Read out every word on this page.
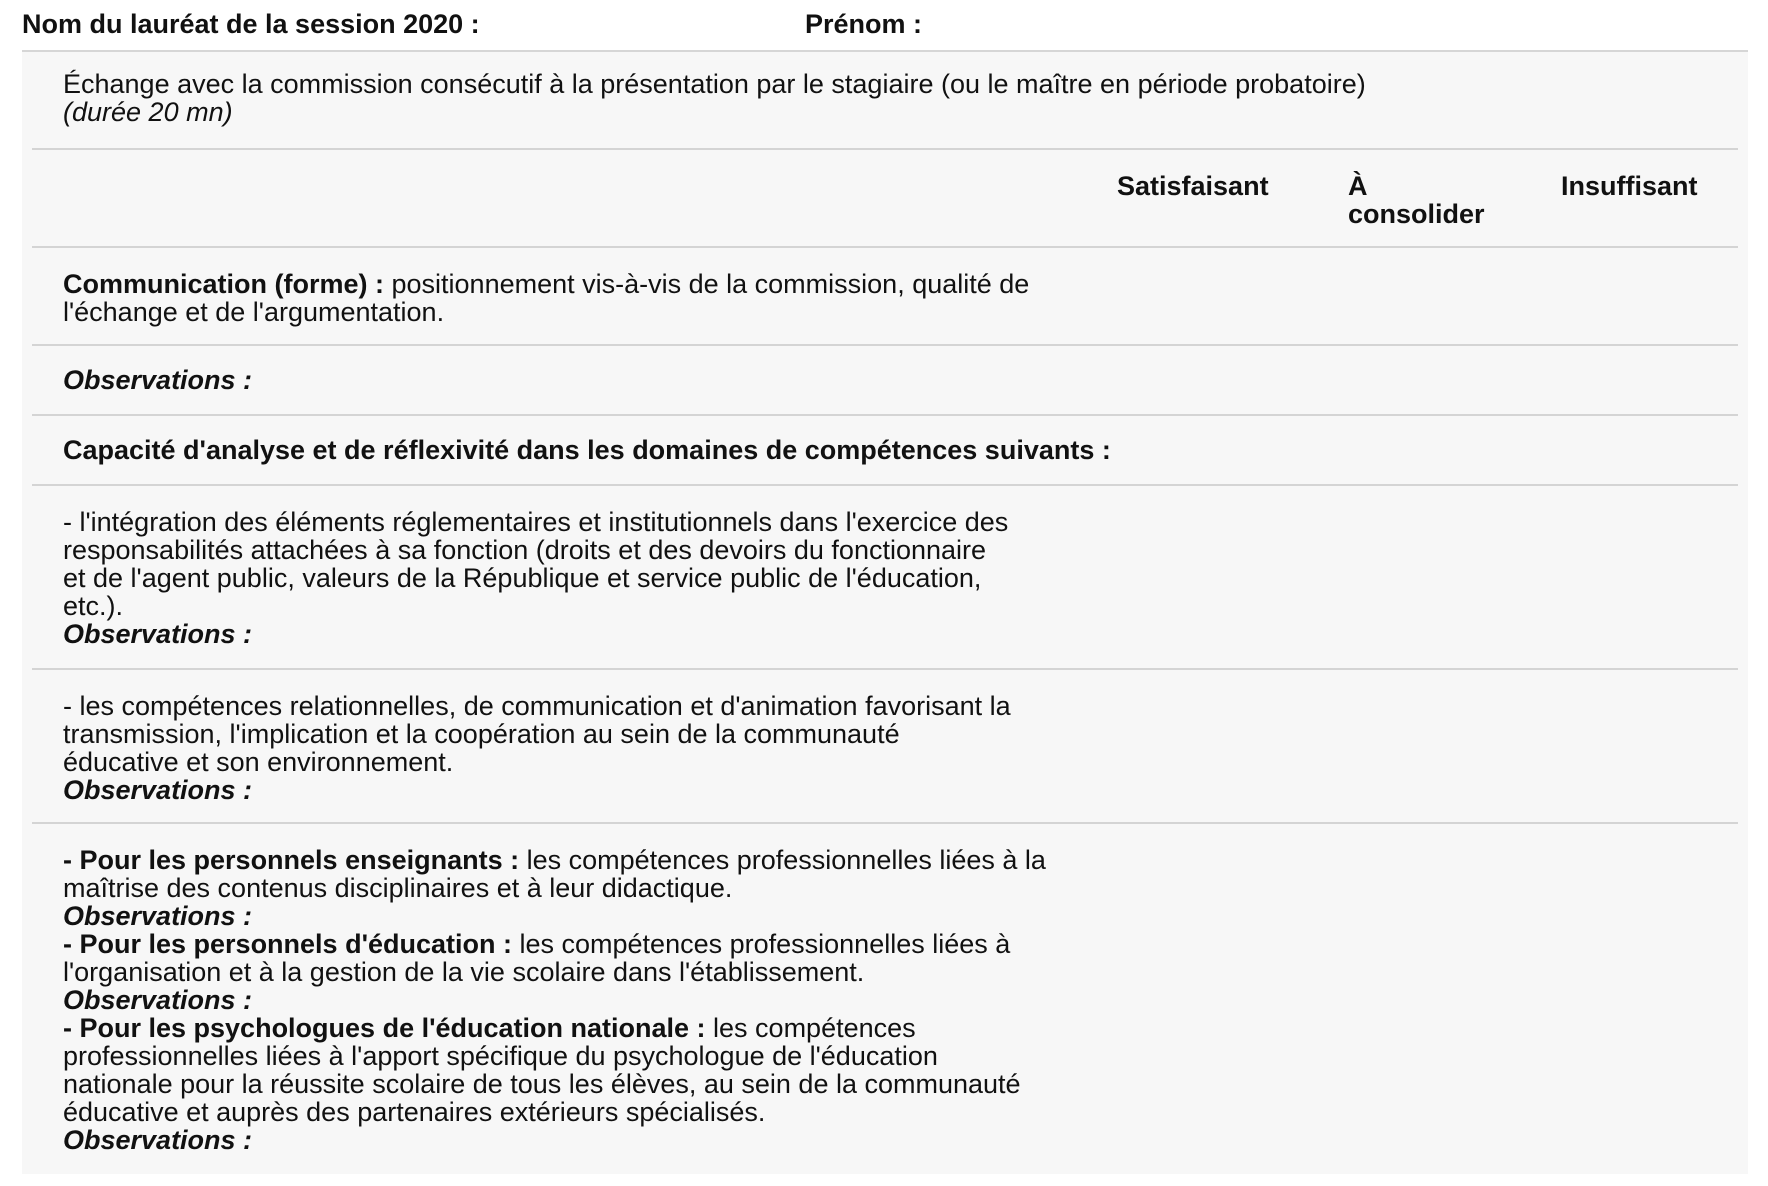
Nom du lauréat de la session 2020 :	Prénom :
Échange avec la commission consécutif à la présentation par le stagiaire (ou le maître en période probatoire)
(durée 20 mn)
Satisfaisant	À
consolider
Insuffisant
Communication (forme) : positionnement vis-à-vis de la commission, qualité de
l'échange et de l'argumentation.
Observations :
Capacité d'analyse et de réflexivité dans les domaines de compétences suivants :
- l'intégration des éléments réglementaires et institutionnels dans l'exercice des
responsabilités attachées à sa fonction (droits et des devoirs du fonctionnaire
et de l'agent public, valeurs de la République et service public de l'éducation,
etc.).
Observations :
- les compétences relationnelles, de communication et d'animation favorisant la
transmission, l'implication et la coopération au sein de la communauté
éducative et son environnement.
Observations :
- Pour les personnels enseignants : les compétences professionnelles liées à la
maîtrise des contenus disciplinaires et à leur didactique.
Observations :
- Pour les personnels d'éducation : les compétences professionnelles liées à
l'organisation et à la gestion de la vie scolaire dans l'établissement.
Observations :
- Pour les psychologues de l'éducation nationale : les compétences
professionnelles liées à l'apport spécifique du psychologue de l'éducation
nationale pour la réussite scolaire de tous les élèves, au sein de la communauté
éducative et auprès des partenaires extérieurs spécialisés.
Observations :
